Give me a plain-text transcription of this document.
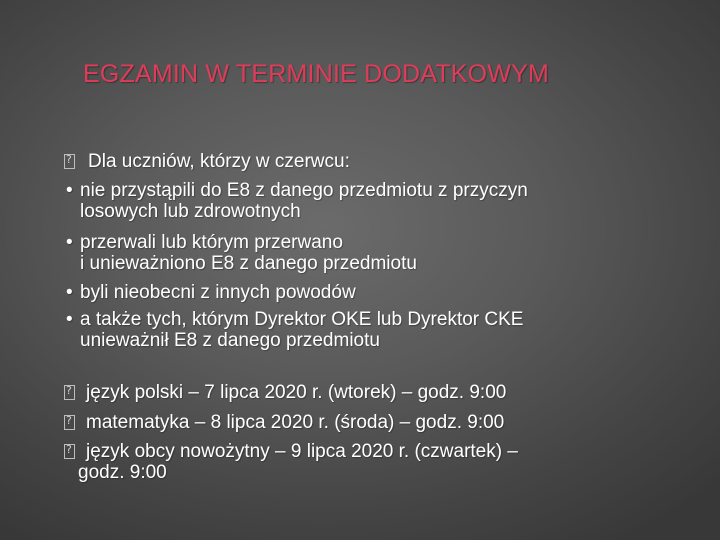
EGZAMIN W TERMINIE DODATKOWYM
?
Dla uczniów, którzy w czerwcu:
• nie przystąpili do E8 z danego przedmiotu z przyczyn
losowych lub zdrowotnych
• przerwali lub którym przerwano
i unieważniono E8 z danego przedmiotu
• byli nieobecni z innych powodów
• a także tych, którym Dyrektor OKE lub Dyrektor CKE
unieważnił E8 z danego przedmiotu
?
język polski – 7 lipca 2020 r. (wtorek) – godz. 9:00
?
matematyka – 8 lipca 2020 r. (środa) – godz. 9:00
?
język obcy nowożytny – 9 lipca 2020 r. (czwartek) –
godz. 9:00
